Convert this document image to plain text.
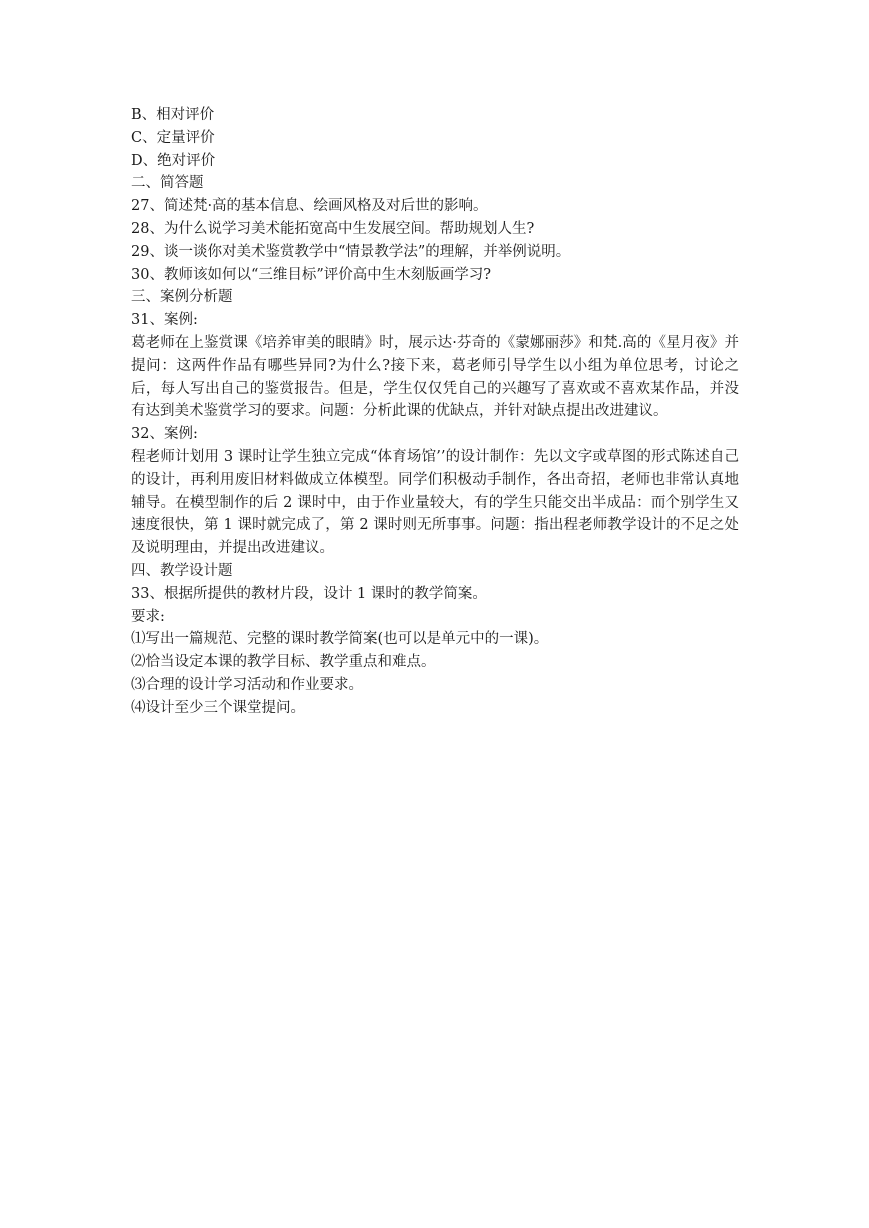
B、相对评价

C、定量评价

D、绝对评价

二、简答题

27、简述梵·高的基本信息、绘画风格及对后世的影响。

28、为什么说学习美术能拓宽高中生发展空间。帮助规划人生?

29、谈一谈你对美术鉴赏教学中“情景教学法”的理解，并举例说明。

30、教师该如何以“三维目标”评价高中生木刻版画学习?

三、案例分析题

31、案例:

葛老师在上鉴赏课《培养审美的眼睛》时，展示达·芬奇的《蒙娜丽莎》和梵.高的《星月夜》并提问：这两件作品有哪些异同?为什么?接下来，葛老师引导学生以小组为单位思考，讨论之后，每人写出自己的鉴赏报告。但是，学生仅仅凭自己的兴趣写了喜欢或不喜欢某作品，并没有达到美术鉴赏学习的要求。问题：分析此课的优缺点，并针对缺点提出改进建议。

32、案例:

程老师计划用 3 课时让学生独立完成“体育场馆’’的设计制作：先以文字或草图的形式陈述自己的设计，再利用废旧材料做成立体模型。同学们积极动手制作，各出奇招，老师也非常认真地辅导。在模型制作的后 2 课时中，由于作业量较大，有的学生只能交出半成品：而个别学生又速度很快，第 1 课时就完成了，第 2 课时则无所事事。问题：指出程老师教学设计的不足之处及说明理由，并提出改进建议。

四、教学设计题

33、根据所提供的教材片段，设计 1 课时的教学简案。

要求:

⑴写出一篇规范、完整的课时教学简案(也可以是单元中的一课)。

⑵恰当设定本课的教学目标、教学重点和难点。

⑶合理的设计学习活动和作业要求。

⑷设计至少三个课堂提问。
